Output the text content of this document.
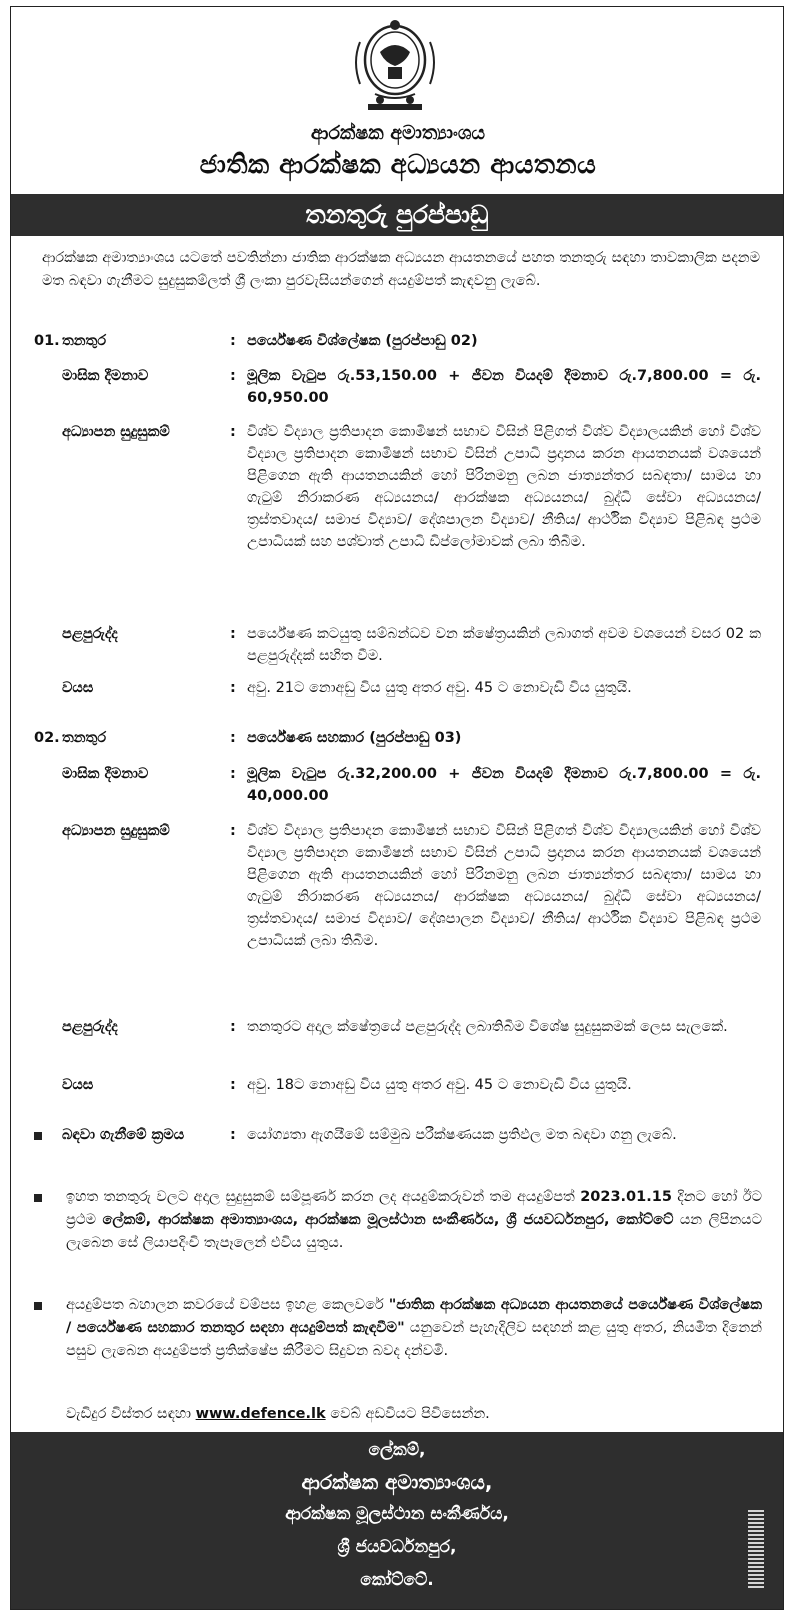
ආරක්ෂක අමාත්‍යාංශය
ජාතික ආරක්ෂක අධ්‍යයන ආයතනය
තනතුරු පුරප්පාඩු
ආරක්ෂක අමාත්‍යාංශය යටතේ පවතින්නා ජාතික ආරක්ෂක අධ්‍යයන ආයතනයේ පහත තනතුරු සඳහා තාවකාලික පදනම මත බඳවා ගැනීමට සුදුසුකම්ලත් ශ්‍රී ලංකා පුරවැසියන්ගෙන් අයදුම්පත් කැඳවනු ලැබේ.
01. තනතුර	: පර්යේෂණ විශ්ලේෂක (පුරප්පාඩු 02)
මාසික දීමනාව	: මූලික වැටුප රු.53,150.00 + ජීවන වියදම් දීමනාව රු.7,800.00 = රු. 60,950.00
අධ්‍යාපන සුදුසුකම්	: විශ්ව විද්‍යාල ප්‍රතිපාදන කොමිෂන් සභාව විසින් පිළිගත් විශ්ව විද්‍යාලයකින් හෝ විශ්ව විද්‍යාල ප්‍රතිපාදන කොමිෂන් සභාව විසින් උපාධි ප්‍රදානය කරන ආයතනයක් වශයෙන් පිළිගෙන ඇති ආයතනයකින් හෝ පිරිනමනු ලබන ජාත්‍යන්තර සබඳතා/ සාමය හා ගැටුම් නිරාකරණ අධ්‍යයනය/ ආරක්ෂක අධ්‍යයනය/ බුද්ධි සේවා අධ්‍යයනය/ ත්‍රස්තවාදය/ සමාජ විද්‍යාව/ දේශපාලන විද්‍යාව/ නීතිය/ ආර්ථික විද්‍යාව පිළිබඳ ප්‍රථම උපාධියක් සහ පශ්චාත් උපාධි ඩිප්ලෝමාවක් ලබා තිබීම.
පළපුරුද්ද	: පර්යේෂණ කටයුතු සම්බන්ධව වන ක්ෂේත්‍රයකින් ලබාගත් අවම වශයෙන් වසර 02 ක පළපුරුද්දක් සහිත වීම.
වයස	: අවු. 21ට නොඅඩු විය යුතු අතර අවු. 45 ට නොවැඩි විය යුතුයි.
02. තනතුර	: පර්යේෂණ සහකාර (පුරප්පාඩු 03)
මාසික දීමනාව	: මූලික වැටුප රු.32,200.00 + ජීවන වියදම් දීමනාව රු.7,800.00 = රු. 40,000.00
අධ්‍යාපන සුදුසුකම්	: විශ්ව විද්‍යාල ප්‍රතිපාදන කොමිෂන් සභාව විසින් පිළිගත් විශ්ව විද්‍යාලයකින් හෝ විශ්ව විද්‍යාල ප්‍රතිපාදන කොමිෂන් සභාව විසින් උපාධි ප්‍රදානය කරන ආයතනයක් වශයෙන් පිළිගෙන ඇති ආයතනයකින් හෝ පිරිනමනු ලබන ජාත්‍යන්තර සබඳතා/ සාමය හා ගැටුම් නිරාකරණ අධ්‍යයනය/ ආරක්ෂක අධ්‍යයනය/ බුද්ධි සේවා අධ්‍යයනය/ ත්‍රස්තවාදය/ සමාජ විද්‍යාව/ දේශපාලන විද්‍යාව/ නීතිය/ ආර්ථික විද්‍යාව පිළිබඳ ප්‍රථම උපාධියක් ලබා තිබීම.
පළපුරුද්ද	: තනතුරට අදාල ක්ෂේත්‍රයේ පළපුරුද්ද ලබාතිබීම විශේෂ සුදුසුකමක් ලෙස සැලකේ.
වයස	: අවු. 18ට නොඅඩු විය යුතු අතර අවු. 45 ට නොවැඩි විය යුතුයි.
බඳවා ගැනීමේ ක්‍රමය	: යෝග්‍යතා ඇගයීමේ සම්මුඛ පරීක්ෂණයක ප්‍රතිඵල මත බඳවා ගනු ලැබේ.
ඉහත තනතුරු වලට අදාල සුදුසුකම් සම්පූර්ණ කරන ලද අයදුම්කරුවන් තම අයදුම්පත් 2023.01.15 දිනට හෝ ඊට ප්‍රථම ලේකම්, ආරක්ෂක අමාත්‍යාංශය, ආරක්ෂක මූලස්ථාන සංකීර්ණය, ශ්‍රී ජයවර්ධනපුර, කෝට්ටේ යන ලිපිනයට ලැබෙන සේ ලියාපදිංචි තැපෑලෙන් එවිය යුතුය.
අයදුම්පත බහාලන කවරයේ වම්පස ඉහළ කෙලවරේ "ජාතික ආරක්ෂක අධ්‍යයන ආයතනයේ පර්යේෂණ විශ්ලේෂක / පර්යේෂණ සහකාර තනතුර සඳහා අයදුම්පත් කැඳවීම" යනුවෙන් පැහැදිලිව සඳහන් කළ යුතු අතර, නියමිත දිනෙන් පසුව ලැබෙන අයදුම්පත් ප්‍රතික්ෂේප කිරීමට සිදුවන බවද දන්වමි.
වැඩිදුර විස්තර සඳහා www.defence.lk වෙබ් අඩවියට පිවිසෙන්න.
ලේකම්,
ආරක්ෂක අමාත්‍යාංශය,
ආරක්ෂක මූලස්ථාන සංකීර්ණය,
ශ්‍රී ජයවර්ධනපුර,
කෝට්ටේ.
